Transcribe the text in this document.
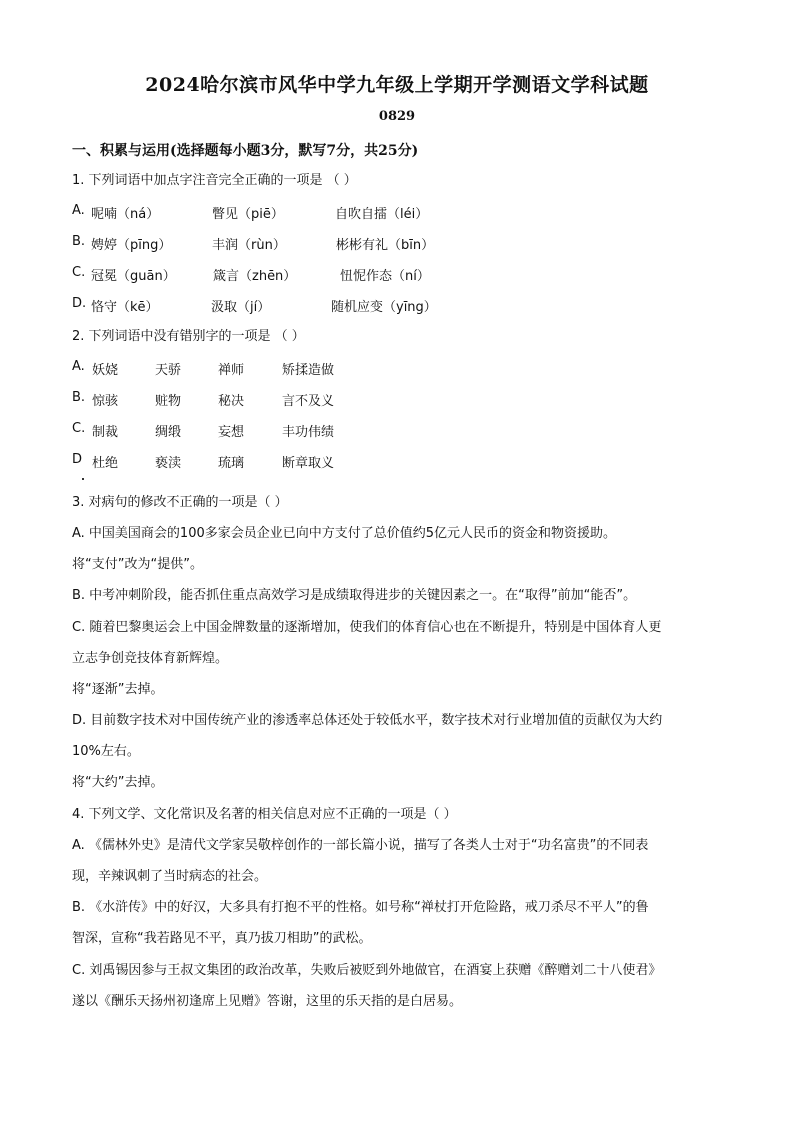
2024哈尔滨市风华中学九年级上学期开学测语文学科试题
0829
一、积累与运用(选择题每小题3分，默写7分，共25分)
1. 下列词语中加点字注音完全正确的一项是 （ ）
A. 呢喃（ná）	瞥见（piē）	自吹自擂（léi）
B. 娉婷（pīng）	丰润（rùn）	彬彬有礼（bīn）
C. 冠冕（guān）	箴言（zhēn）	忸怩作态（ní）
D. 恪守（kē）	汲取（jí）	随机应变（yīng）
2. 下列词语中没有错别字的一项是 （ ）
A. 妖娆	天骄	禅师	矫揉造做
B. 惊骇	赃物	秘决	言不及义
C. 制裁	绸缎	妄想	丰功伟绩
D 杜绝	亵渎	琉璃	断章取义
3. 对病句的修改不正确的一项是（ ）
A. 中国美国商会的100多家会员企业已向中方支付了总价值约5亿元人民币的资金和物资援助。
将“支付”改为“提供”。
B. 中考冲刺阶段，能否抓住重点高效学习是成绩取得进步的关键因素之一。在“取得”前加“能否”。
C. 随着巴黎奥运会上中国金牌数量的逐渐增加，使我们的体育信心也在不断提升，特别是中国体育人更
立志争创竞技体育新辉煌。
将“逐渐”去掉。
D. 目前数字技术对中国传统产业的渗透率总体还处于较低水平，数字技术对行业增加值的贡献仅为大约
10%左右。
将“大约”去掉。
4. 下列文学、文化常识及名著的相关信息对应不正确的一项是（ ）
A. 《儒林外史》是清代文学家吴敬梓创作的一部长篇小说，描写了各类人士对于“功名富贵”的不同表
现，辛辣讽刺了当时病态的社会。
B. 《水浒传》中的好汉，大多具有打抱不平的性格。如号称“禅杖打开危险路，戒刀杀尽不平人”的鲁
智深，宣称“我若路见不平，真乃拔刀相助”的武松。
C. 刘禹锡因参与王叔文集团的政治改革，失败后被贬到外地做官，在酒宴上获赠《醉赠刘二十八使君》
遂以《酬乐天扬州初逢席上见赠》答谢，这里的乐天指的是白居易。
